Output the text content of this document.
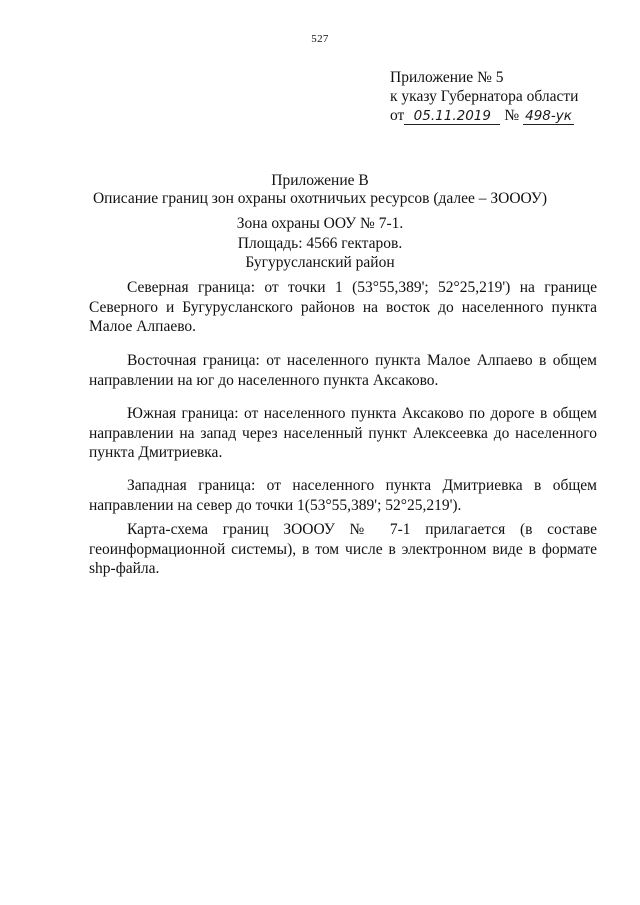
527
Приложение № 5
к указу Губернатора области
от 05.11.2019 № 498-ук
Приложение В
Описание границ зон охраны охотничьих ресурсов (далее – ЗОООУ)
Зона охраны ООУ № 7-1.
Площадь: 4566 гектаров.
Бугурусланский район

Северная граница: от точки 1 (53°55,389'; 52°25,219') на границе Северного и Бугурусланского районов на восток до населенного пункта Малое Алпаево.

Восточная граница: от населенного пункта Малое Алпаево в общем направлении на юг до населенного пункта Аксаково.

Южная граница: от населенного пункта Аксаково по дороге в общем направлении на запад через населенный пункт Алексеевка до населенного пункта Дмитриевка.

Западная граница: от населенного пункта Дмитриевка в общем направлении на север до точки 1(53°55,389'; 52°25,219').

Карта-схема границ ЗОООУ № 7-1 прилагается (в составе геоинформационной системы), в том числе в электронном виде в формате shp-файла.
